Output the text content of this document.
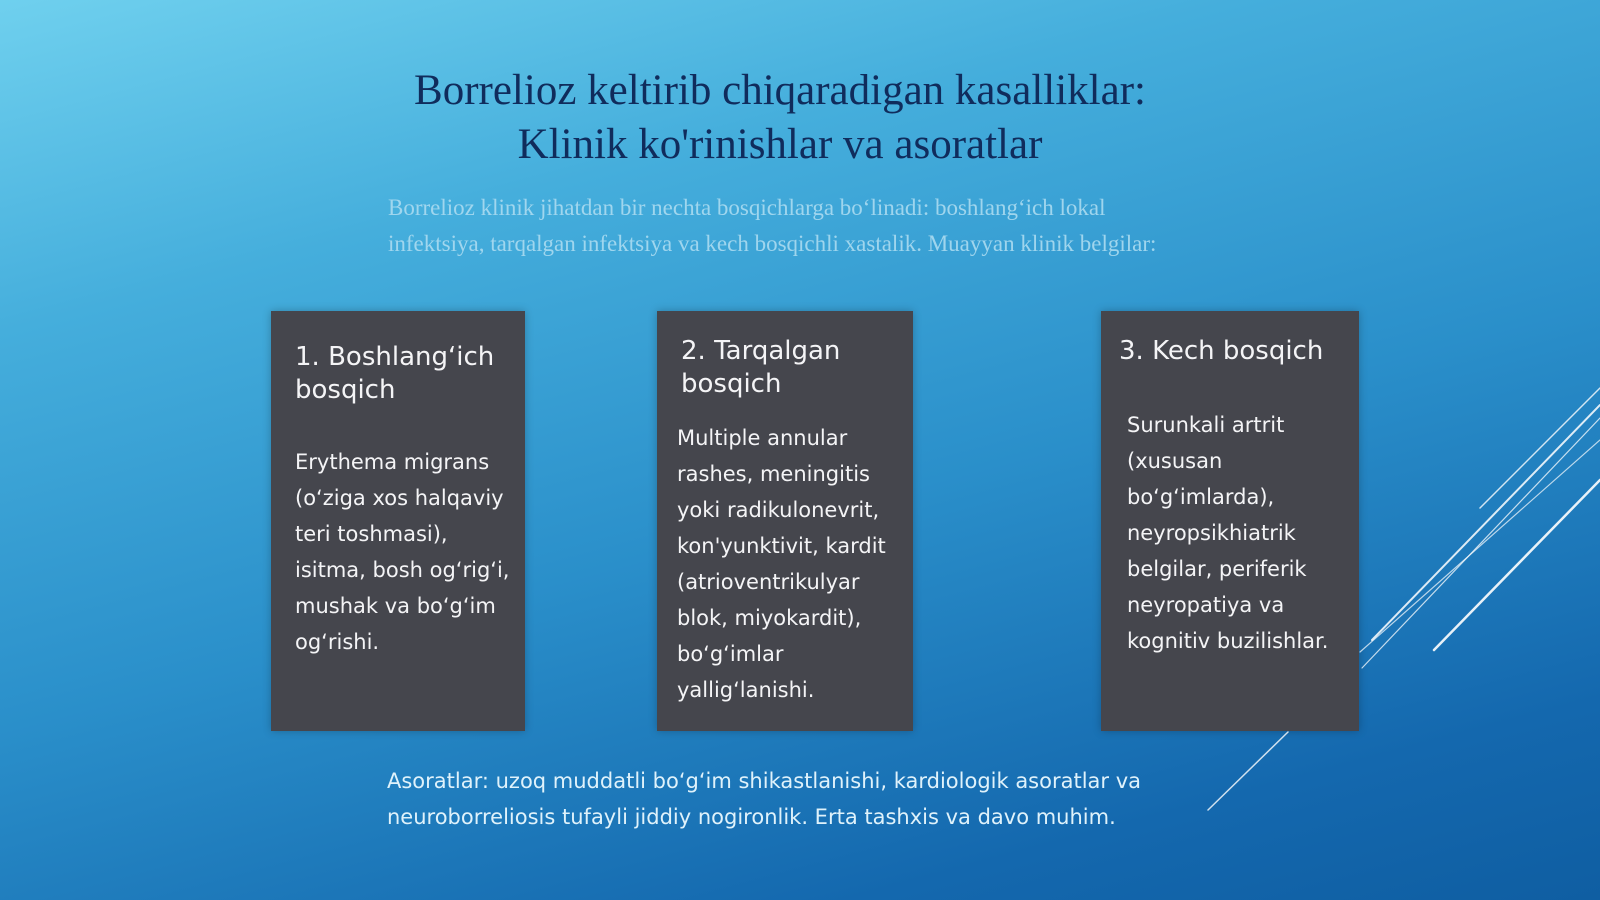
Borrelioz keltirib chiqaradigan kasalliklar:
Klinik ko'rinishlar va asoratlar

Borrelioz klinik jihatdan bir nechta bosqichlarga bo‘linadi: boshlang‘ich lokal infektsiya, tarqalgan infektsiya va kech bosqichli xastalik. Muayyan klinik belgilar:

1. Boshlang‘ich bosqich

Erythema migrans (o‘ziga xos halqaviy teri toshmasi), isitma, bosh og‘rig‘i, mushak va bo‘g‘im og‘rishi.

2. Tarqalgan bosqich

Multiple annular rashes, meningitis yoki radikulonevrit, kon'yunktivit, kardit (atrioventrikulyar blok, miyokardit), bo‘g‘imlar yallig‘lanishi.

3. Kech bosqich

Surunkali artrit (xususan bo‘g‘imlarda), neyropsikhiatrik belgilar, periferik neyropatiya va kognitiv buzilishlar.

Asoratlar: uzoq muddatli bo‘g‘im shikastlanishi, kardiologik asoratlar va neuroborreliosis tufayli jiddiy nogironlik. Erta tashxis va davo muhim.
